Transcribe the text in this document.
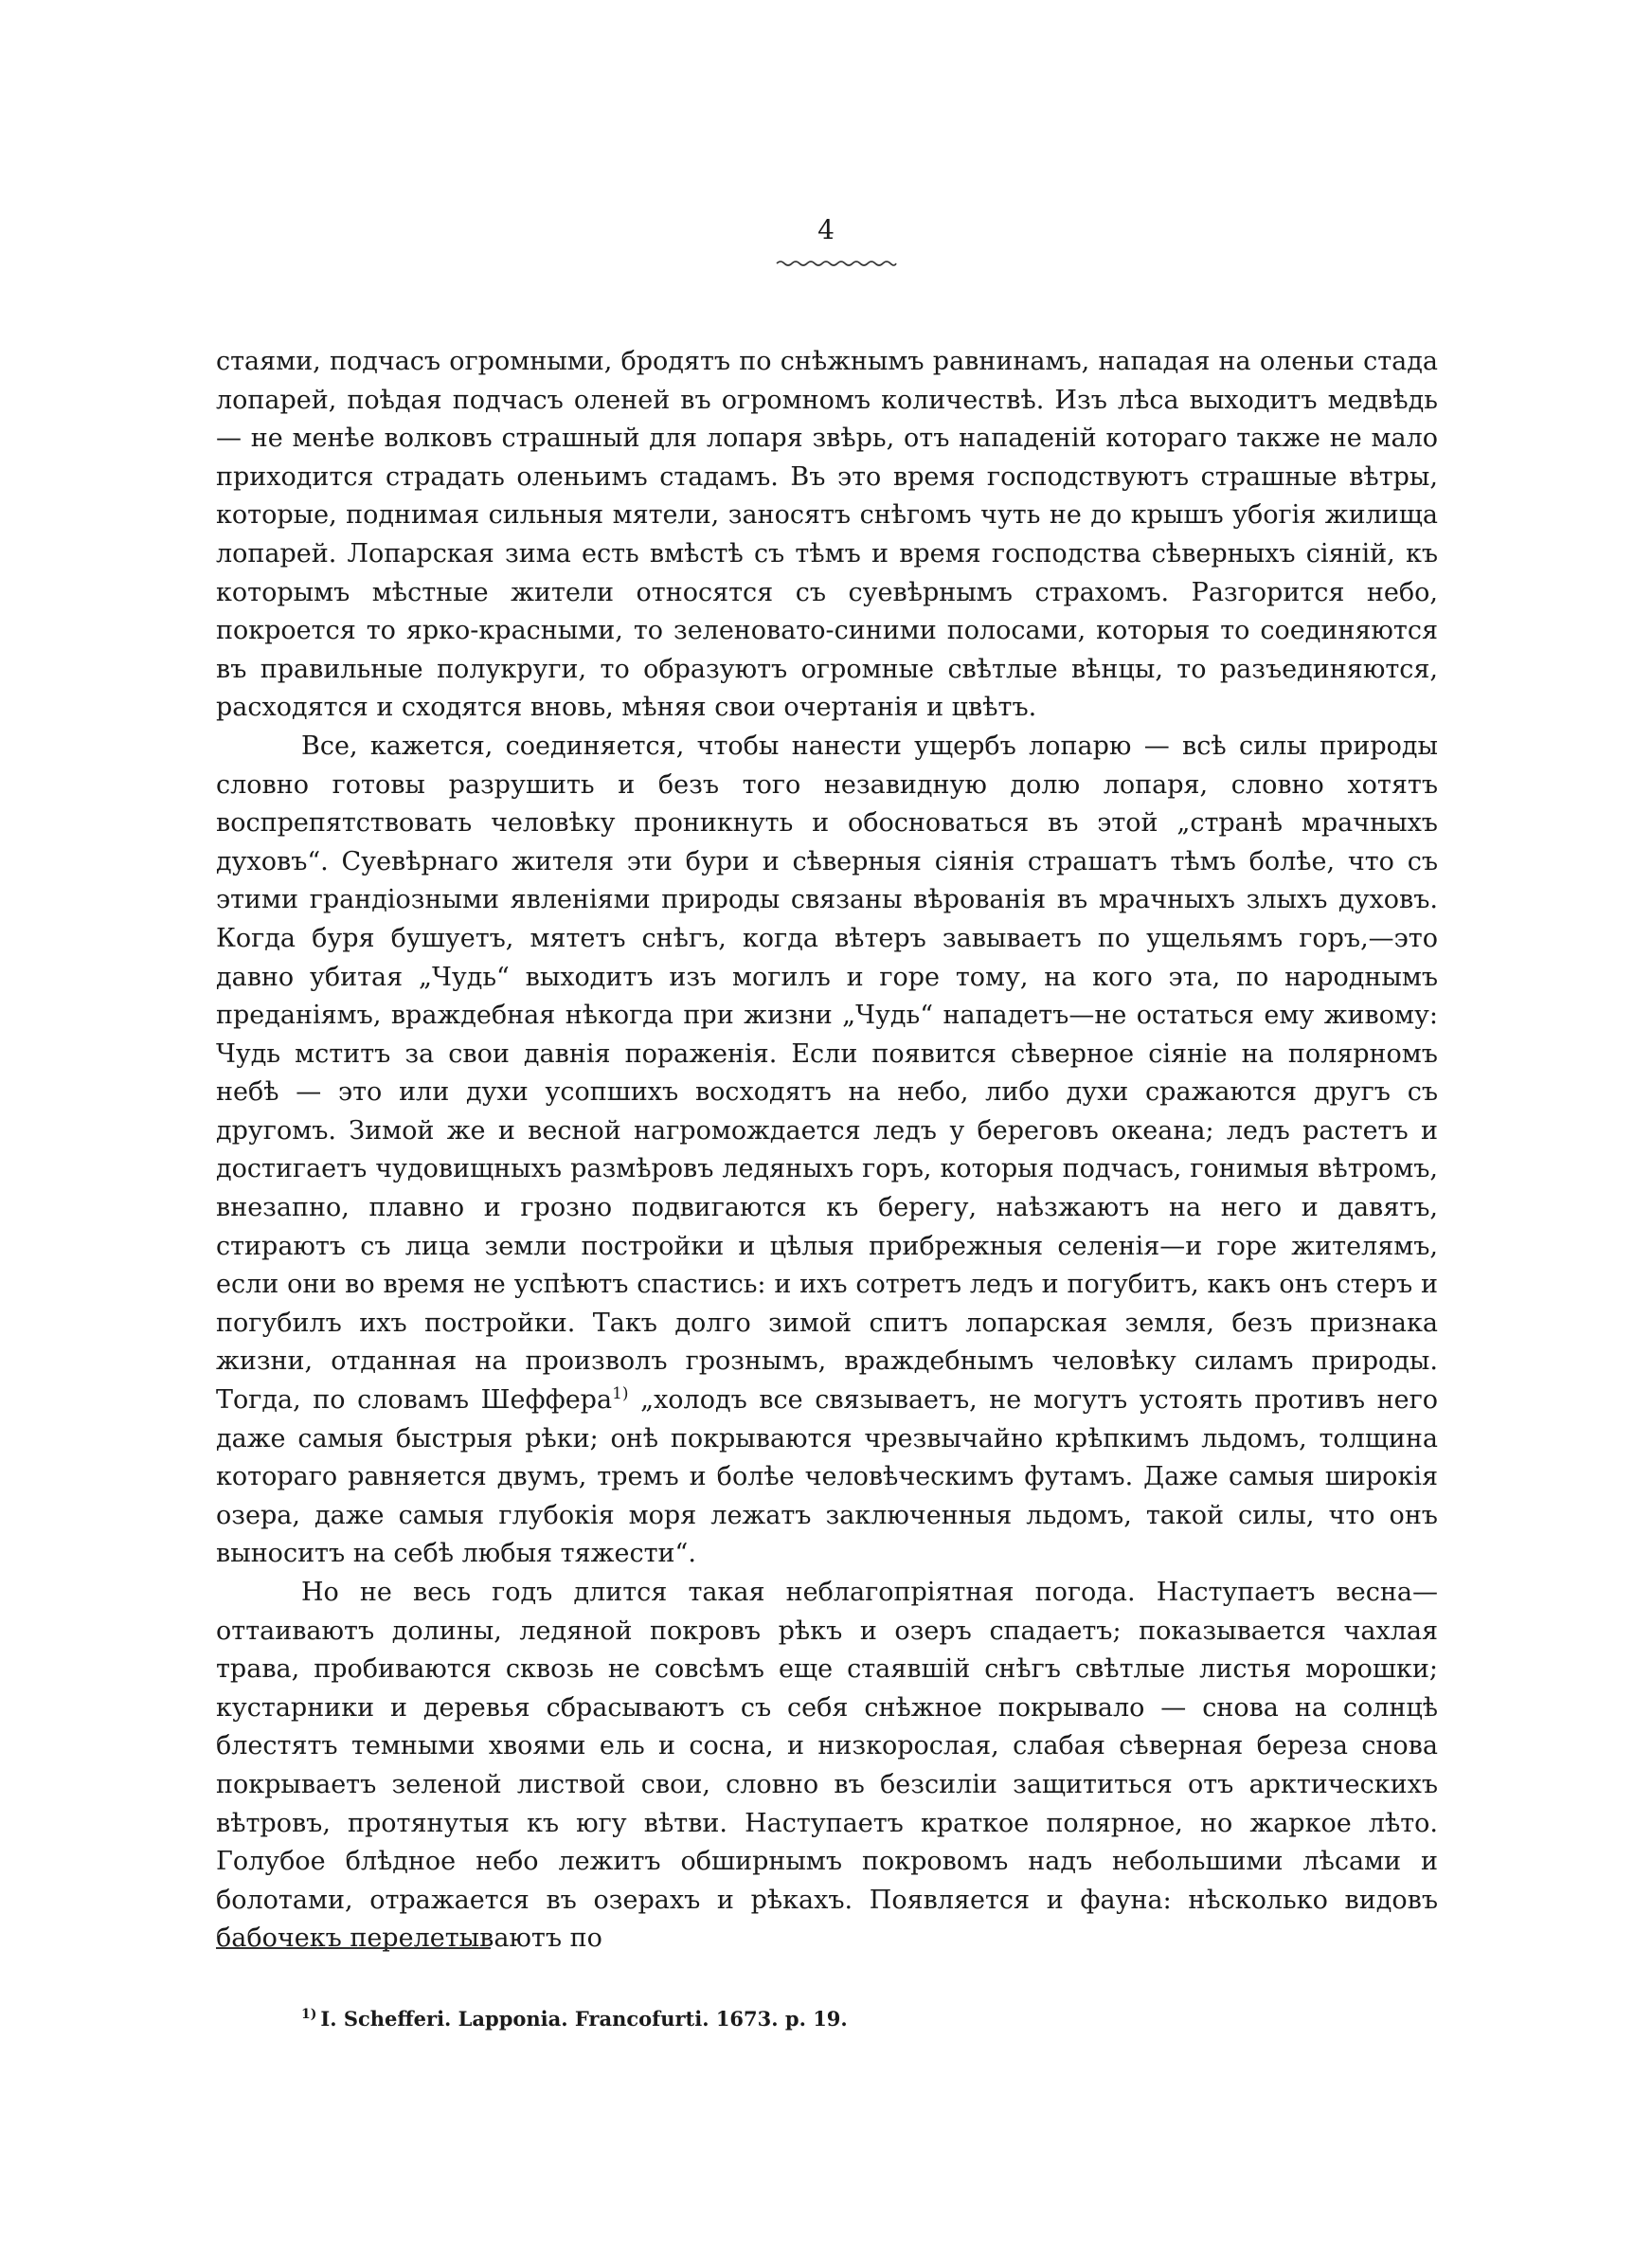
4

стаями, подчасъ огромными, бродятъ по снѣжнымъ равнинамъ, нападая на оленьи стада лопарей, поѣдая подчасъ оленей въ огромномъ количествѣ. Изъ лѣса выходитъ медвѣдь— не менѣе волковъ страшный для лопаря звѣрь, отъ нападеній котораго также не мало приходится страдать оленьимъ стадамъ. Въ это время господствуютъ страшные вѣтры, которые, поднимая сильныя мятели, заносятъ снѣгомъ чуть не до крышъ убогія жилища лопарей. Лопарская зима есть вмѣстѣ съ тѣмъ и время господства сѣверныхъ сіяній, къ которымъ мѣстные жители относятся съ суевѣрнымъ страхомъ. Разгорится небо, покроется то ярко-красными, то зеленовато-синими полосами, которыя то соединяются въ правильные полукруги, то образуютъ огромные свѣтлые вѣнцы, то разъединяются, расходятся и сходятся вновь, мѣняя свои очертанія и цвѣтъ.

Все, кажется, соединяется, чтобы нанести ущербъ лопарю — всѣ силы природы словно готовы разрушить и безъ того незавидную долю лопаря, словно хотятъ воспрепятствовать человѣку проникнуть и обосноваться въ этой „странѣ мрачныхъ духовъ“. Суевѣрнаго жителя эти бури и сѣверныя сіянія страшатъ тѣмъ болѣе, что съ этими грандіозными явленіями природы связаны вѣрованія въ мрачныхъ злыхъ духовъ. Когда буря бушуетъ, мятетъ снѣгъ, когда вѣтеръ завываетъ по ущельямъ горъ,—это давно убитая „Чудь“ выходитъ изъ могилъ и горе тому, на кого эта, по народнымъ преданіямъ, враждебная нѣкогда при жизни „Чудь“ нападетъ—не остаться ему живому: Чудь мститъ за свои давнія пораженія. Если появится сѣверное сіяніе на полярномъ небѣ — это или духи усопшихъ восходятъ на небо, либо духи сражаются другъ съ другомъ. Зимой же и весной нагромождается ледъ у береговъ океана; ледъ растетъ и достигаетъ чудовищныхъ размѣровъ ледяныхъ горъ, которыя подчасъ, гонимыя вѣтромъ, внезапно, плавно и грозно подвигаются къ берегу, наѣзжаютъ на него и давятъ, стираютъ съ лица земли постройки и цѣлыя прибрежныя селенія—и горе жителямъ, если они во время не успѣютъ спастись: и ихъ сотретъ ледъ и погубитъ, какъ онъ стеръ и погубилъ ихъ постройки. Такъ долго зимой спитъ лопарская земля, безъ признака жизни, отданная на произволъ грознымъ, враждебнымъ человѣку силамъ природы. Тогда, по словамъ Шеффера$^{1)}$ „холодъ все связываетъ, не могутъ устоять противъ него даже самыя быстрыя рѣки; онѣ покрываются чрезвычайно крѣпкимъ льдомъ, толщина котораго равняется двумъ, тремъ и болѣе человѣческимъ футамъ. Даже самыя широкія озера, даже самыя глубокія моря лежатъ заключенныя льдомъ, такой силы, что онъ выноситъ на себѣ любыя тяжести“.

Но не весь годъ длится такая неблагопріятная погода. Наступаетъ весна—оттаиваютъ долины, ледяной покровъ рѣкъ и озеръ спадаетъ; показывается чахлая трава, пробиваются сквозь не совсѣмъ еще стаявшій снѣгъ свѣтлые листья морошки; кустарники и деревья сбрасываютъ съ себя снѣжное покрывало — снова на солнцѣ блестятъ темными хвоями ель и сосна, и низкорослая, слабая сѣверная береза снова покрываетъ зеленой листвой свои, словно въ безсиліи защититься отъ арктическихъ вѣтровъ, протянутыя къ югу вѣтви. Наступаетъ краткое полярное, но жаркое лѣто. Голубое блѣдное небо лежитъ обширнымъ покровомъ надъ небольшими лѣсами и болотами, отражается въ озерахъ и рѣкахъ. Появляется и фауна: нѣсколько видовъ бабочекъ перелетываютъ по

$^{1)}$ I. Schefferi. Lapponia. Francofurti. 1673. p. 19.
